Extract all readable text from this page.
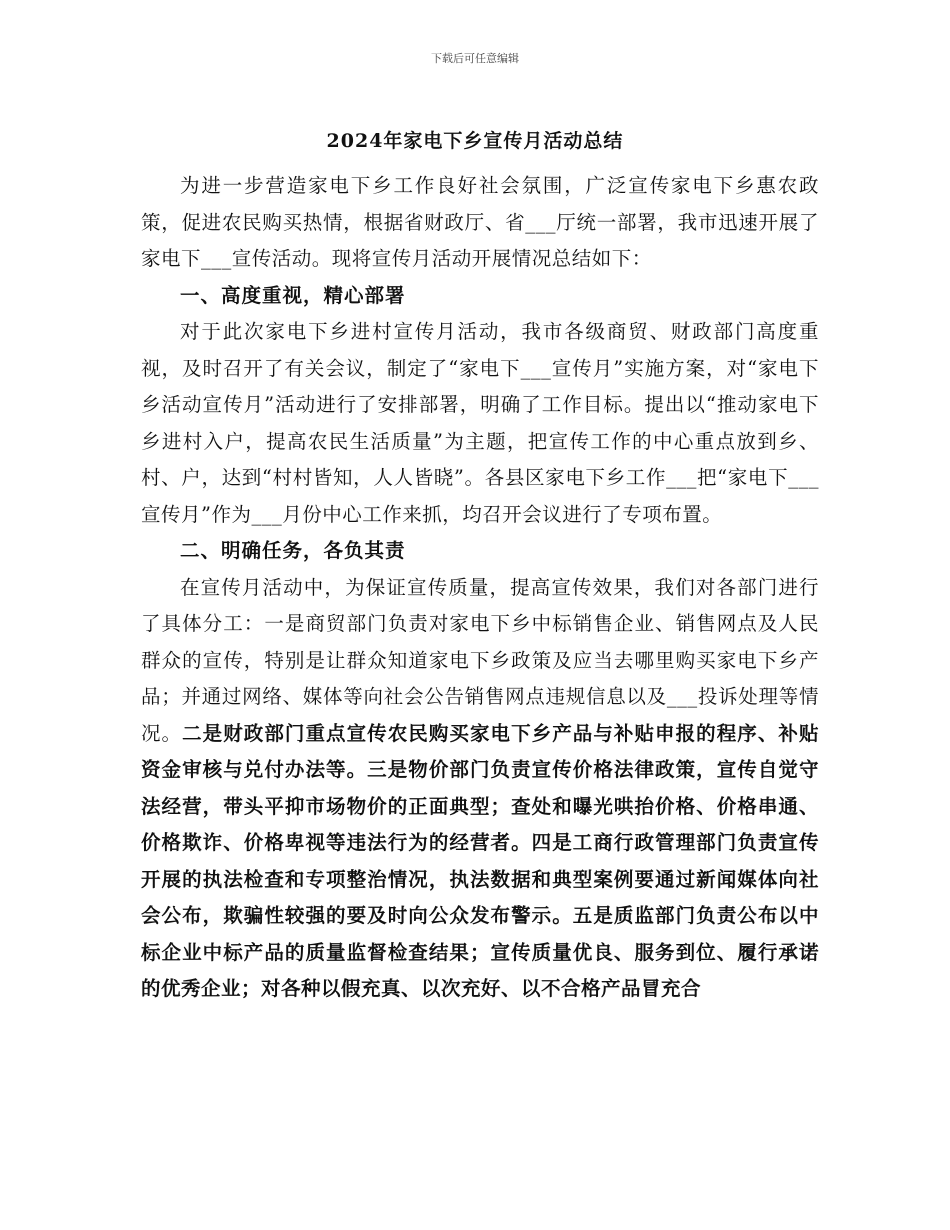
下载后可任意编辑
2024年家电下乡宣传月活动总结

为进一步营造家电下乡工作良好社会氛围，广泛宣传家电下乡惠农政策，促进农民购买热情，根据省财政厅、省___厅统一部署，我市迅速开展了家电下___宣传活动。现将宣传月活动开展情况总结如下：

一、高度重视，精心部署

对于此次家电下乡进村宣传月活动，我市各级商贸、财政部门高度重视，及时召开了有关会议，制定了“家电下___宣传月”实施方案，对“家电下乡活动宣传月”活动进行了安排部署，明确了工作目标。提出以“推动家电下乡进村入户，提高农民生活质量”为主题，把宣传工作的中心重点放到乡、村、户，达到“村村皆知，人人皆晓”。各县区家电下乡工作___把“家电下___宣传月”作为___月份中心工作来抓，均召开会议进行了专项布置。

二、明确任务，各负其责

在宣传月活动中，为保证宣传质量，提高宣传效果，我们对各部门进行了具体分工：一是商贸部门负责对家电下乡中标销售企业、销售网点及人民群众的宣传，特别是让群众知道家电下乡政策及应当去哪里购买家电下乡产品；并通过网络、媒体等向社会公告销售网点违规信息以及___投诉处理等情况。二是财政部门重点宣传农民购买家电下乡产品与补贴申报的程序、补贴资金审核与兑付办法等。三是物价部门负责宣传价格法律政策，宣传自觉守法经营，带头平抑市场物价的正面典型；查处和曝光哄抬价格、价格串通、价格欺诈、价格卑视等违法行为的经营者。四是工商行政管理部门负责宣传开展的执法检查和专项整治情况，执法数据和典型案例要通过新闻媒体向社会公布，欺骗性较强的要及时向公众发布警示。五是质监部门负责公布以中标企业中标产品的质量监督检查结果；宣传质量优良、服务到位、履行承诺的优秀企业；对各种以假充真、以次充好、以不合格产品冒充合
